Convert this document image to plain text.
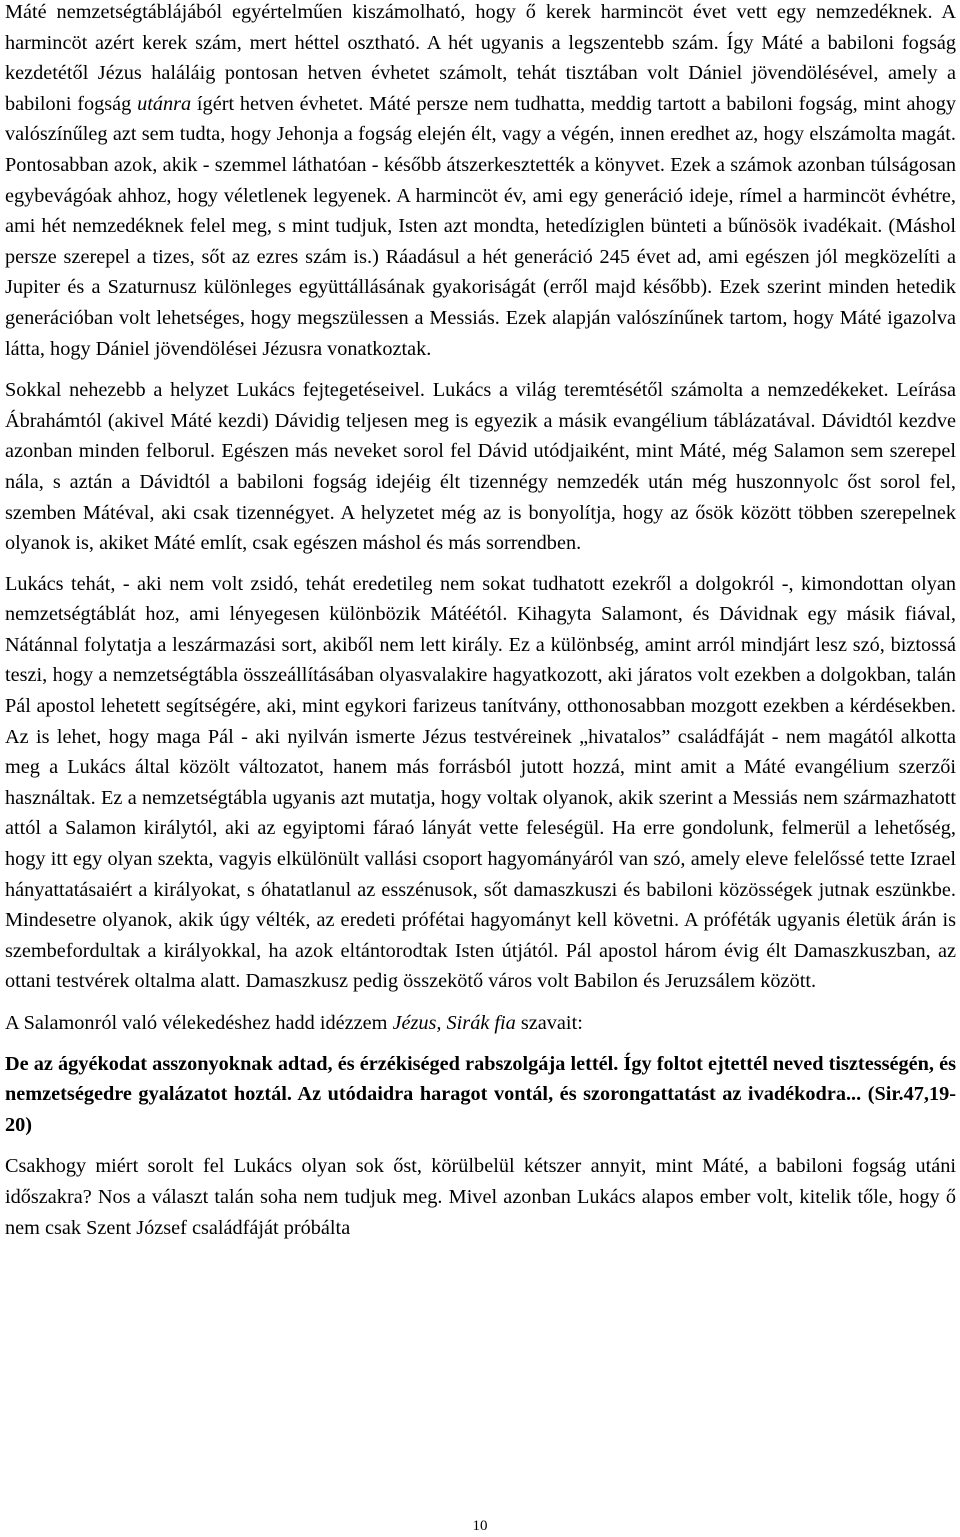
Máté nemzetségtáblájából egyértelműen kiszámolható, hogy ő kerek harmincöt évet vett egy nemzedéknek. A harmincöt azért kerek szám, mert héttel osztható. A hét ugyanis a legszentebb szám. Így Máté a babiloni fogság kezdetétől Jézus haláláig pontosan hetven évhetet számolt, tehát tisztában volt Dániel jövendölésével, amely a babiloni fogság utánra ígért hetven évhetet. Máté persze nem tudhatta, meddig tartott a babiloni fogság, mint ahogy valószínűleg azt sem tudta, hogy Jehonja a fogság elején élt, vagy a végén, innen eredhet az, hogy elszámolta magát. Pontosabban azok, akik - szemmel láthatóan - később átszerkesztették a könyvet. Ezek a számok azonban túlságosan egybevágóak ahhoz, hogy véletlenek legyenek. A harmincöt év, ami egy generáció ideje, rímel a harmincöt évhétre, ami hét nemzedéknek felel meg, s mint tudjuk, Isten azt mondta, hetedíziglen bünteti a bűnösök ivadékait. (Máshol persze szerepel a tizes, sőt az ezres szám is.) Ráadásul a hét generáció 245 évet ad, ami egészen jól megközelíti a Jupiter és a Szaturnusz különleges együttállásának gyakoriságát (erről majd később). Ezek szerint minden hetedik generációban volt lehetséges, hogy megszülessen a Messiás. Ezek alapján valószínűnek tartom, hogy Máté igazolva látta, hogy Dániel jövendölései Jézusra vonatkoztak.

Sokkal nehezebb a helyzet Lukács fejtegetéseivel. Lukács a világ teremtésétől számolta a nemzedékeket. Leírása Ábrahámtól (akivel Máté kezdi) Dávidig teljesen meg is egyezik a másik evangélium táblázatával. Dávidtól kezdve azonban minden felborul. Egészen más neveket sorol fel Dávid utódjaiként, mint Máté, még Salamon sem szerepel nála, s aztán a Dávidtól a babiloni fogság idejéig élt tizennégy nemzedék után még huszonnyolc őst sorol fel, szemben Mátéval, aki csak tizennégyet. A helyzetet még az is bonyolítja, hogy az ősök között többen szerepelnek olyanok is, akiket Máté említ, csak egészen máshol és más sorrendben.

Lukács tehát, - aki nem volt zsidó, tehát eredetileg nem sokat tudhatott ezekről a dolgokról -, kimondottan olyan nemzetségtáblát hoz, ami lényegesen különbözik Mátéétól. Kihagyta Salamont, és Dávidnak egy másik fiával, Nátánnal folytatja a leszármazási sort, akiből nem lett király. Ez a különbség, amint arról mindjárt lesz szó, biztossá teszi, hogy a nemzetségtábla összeállításában olyasvalakire hagyatkozott, aki járatos volt ezekben a dolgokban, talán Pál apostol lehetett segítségére, aki, mint egykori farizeus tanítvány, otthonosabban mozgott ezekben a kérdésekben. Az is lehet, hogy maga Pál - aki nyilván ismerte Jézus testvéreinek „hivatalos” családfáját - nem magától alkotta meg a Lukács által közölt változatot, hanem más forrásból jutott hozzá, mint amit a Máté evangélium szerzői használtak. Ez a nemzetségtábla ugyanis azt mutatja, hogy voltak olyanok, akik szerint a Messiás nem származhatott attól a Salamon királytól, aki az egyiptomi fáraó lányát vette feleségül. Ha erre gondolunk, felmerül a lehetőség, hogy itt egy olyan szekta, vagyis elkülönült vallási csoport hagyományáról van szó, amely eleve felelőssé tette Izrael hányattatásaiért a királyokat, s óhatatlanul az esszénusok, sőt damaszkuszi és babiloni közösségek jutnak eszünkbe. Mindesetre olyanok, akik úgy vélték, az eredeti prófétai hagyományt kell követni. A próféták ugyanis életük árán is szembefordultak a királyokkal, ha azok eltántorodtak Isten útjától. Pál apostol három évig élt Damaszkuszban, az ottani testvérek oltalma alatt. Damaszkusz pedig összekötő város volt Babilon és Jeruzsálem között.

A Salamonról való vélekedéshez hadd idézzem Jézus, Sirák fia szavait:

De az ágyékodat asszonyoknak adtad, és érzékiséged rabszolgája lettél. Így foltot ejtettél neved tisztességén, és nemzetségedre gyalázatot hoztál. Az utódaidra haragot vontál, és szorongattatást az ivadékodra... (Sir.47,19-20)

Csakhogy miért sorolt fel Lukács olyan sok őst, körülbelül kétszer annyit, mint Máté, a babiloni fogság utáni időszakra? Nos a választ talán soha nem tudjuk meg. Mivel azonban Lukács alapos ember volt, kitelik tőle, hogy ő nem csak Szent József családfáját próbálta

10
